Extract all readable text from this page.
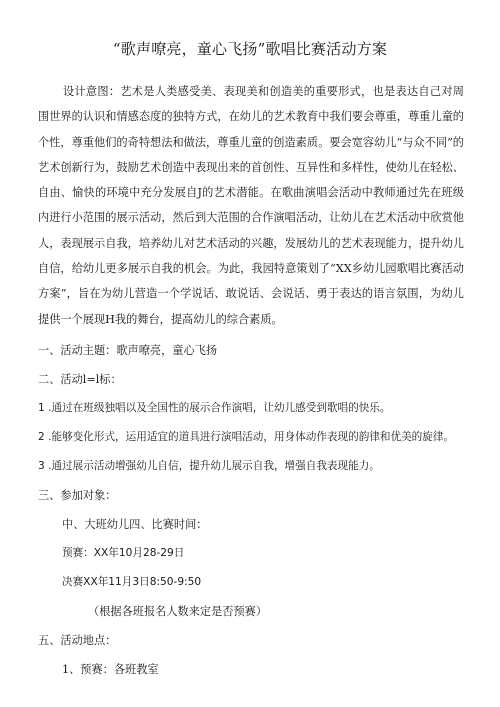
“歌声嘹亮，童心飞扬”歌唱比赛活动方案

设计意图：艺术是人类感受美、表现美和创造美的重要形式，也是表达自己对周围世界的认识和情感态度的独特方式，在幼儿的艺术教育中我们要会尊重，尊重儿童的个性，尊重他们的奇特想法和做法，尊重儿童的创造素质。要会宽容幼儿“与众不同”的艺术创新行为，鼓励艺术创造中表现出来的首创性、互异性和多样性，使幼儿在轻松、自由、愉快的环境中充分发展自J的艺术潜能。在歌曲演唱会活动中教师通过先在班级内进行小范围的展示活动，然后到大范围的合作演唱活动，让幼儿在艺术活动中欣赏他人，表现展示自我，培养幼儿对艺术活动的兴趣，发展幼儿的艺术表现能力，提升幼儿自信，给幼儿更多展示自我的机会。为此，我园特意策划了“XX乡幼儿园歌唱比赛活动方案”，旨在为幼儿营造一个学说话、敢说话、会说话、勇于表达的语言氛围，为幼儿提供一个展现H我的舞台，提高幼儿的综合素质。

一、活动主题：歌声嘹亮，童心飞扬
二、活动l=l标：
1 .通过在班级独唱以及全国性的展示合作演唱，让幼儿感受到歌唱的快乐。
2 .能够变化形式，运用适宜的道具进行演唱活动，用身体动作表现的韵律和优美的旋律。
3 .通过展示活动增强幼儿自信，提升幼儿展示自我，增强自我表现能力。
三、参加对象：
中、大班幼儿四、比赛时间：
预赛：XX年10月28-29日
决赛XX年11月3日8:50-9:50
（根据各班报名人数来定是否预赛）
五、活动地点：
1、预赛：各班教室
